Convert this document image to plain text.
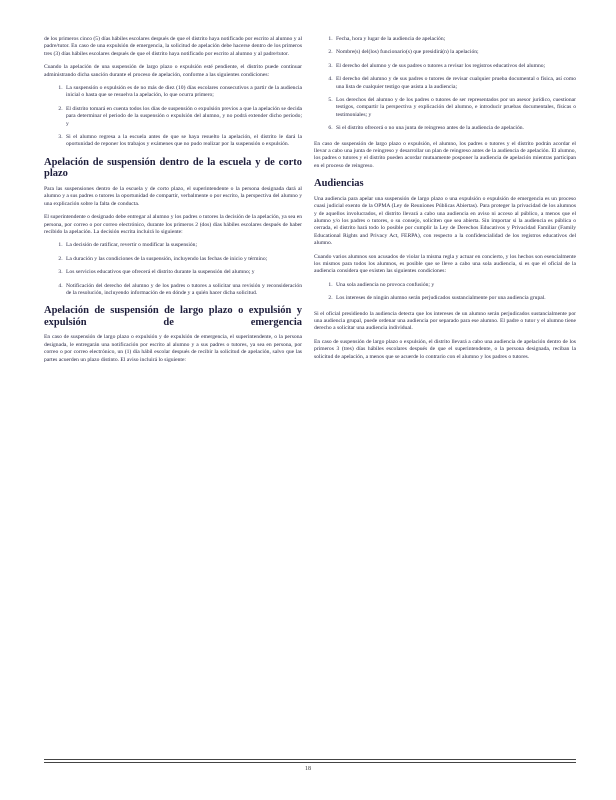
de los primeros cinco (5) días hábiles escolares después de que el distrito haya notificado por escrito al alumno y al padre/tutor. En caso de una expulsión de emergencia, la solicitud de apelación debe hacerse dentro de los primeros tres (3) días hábiles escolares después de que el distrito haya notificado por escrito al alumno y al padre/tutor.

Cuando la apelación de una suspensión de largo plazo o expulsión esté pendiente, el distrito puede continuar administrando dicha sanción durante el proceso de apelación, conforme a las siguientes condiciones:

1. La suspensión o expulsión es de no más de diez (10) días escolares consecutivos a partir de la audiencia inicial o hasta que se resuelva la apelación, lo que ocurra primero;
2. El distrito tomará en cuenta todos los días de suspensión o expulsión previos a que la apelación se decida para determinar el periodo de la suspensión o expulsión del alumno, y no podrá extender dicho periodo; y
3. Si el alumno regresa a la escuela antes de que se haya resuelto la apelación, el distrito le dará la oportunidad de reponer los trabajos y exámenes que no pudo realizar por la suspensión o expulsión.
Apelación de suspensión dentro de la escuela y de corto plazo

Para las suspensiones dentro de la escuela y de corto plazo, el superintendente o la persona designada dará al alumno y a sus padres o tutores la oportunidad de compartir, verbalmente o por escrito, la perspectiva del alumno y una explicación sobre la falta de conducta.

El superintendente o designado debe entregar al alumno y los padres o tutores la decisión de la apelación, ya sea en persona, por correo o por correo electrónico, durante los primeros 2 (dos) días hábiles escolares después de haber recibido la apelación. La decisión escrita incluirá lo siguiente:

1. La decisión de ratificar, revertir o modificar la suspensión;
2. La duración y las condiciones de la suspensión, incluyendo las fechas de inicio y término;
3. Los servicios educativos que ofrecerá el distrito durante la suspensión del alumno; y
4. Notificación del derecho del alumno y de los padres o tutores a solicitar una revisión y reconsideración de la resolución, incluyendo información de en dónde y a quién hacer dicha solicitud.
Apelación de suspensión de largo plazo o expulsión y expulsión de emergencia

En caso de suspensión de largo plazo o expulsión y de expulsión de emergencia, el superintendente, o la persona designada, le entregarán una notificación por escrito al alumno y a sus padres o tutores, ya sea en persona, por correo o por correo electrónico, un (1) día hábil escolar después de recibir la solicitud de apelación, salvo que las partes acuerden un plazo distinto. El aviso incluirá lo siguiente:

1. Fecha, hora y lugar de la audiencia de apelación;
2. Nombre(s) del(los) funcionario(s) que presidirá(n) la apelación;
3. El derecho del alumno y de sus padres o tutores a revisar los registros educativos del alumno;
4. El derecho del alumno y de sus padres o tutores de revisar cualquier prueba documental o física, así como una lista de cualquier testigo que asista a la audiencia;
5. Los derechos del alumno y de los padres o tutores de ser representados por un asesor jurídico, cuestionar testigos, compartir la perspectiva y explicación del alumno, e introducir pruebas documentales, físicas o testimoniales; y
6. Si el distrito ofrecerá o no una junta de reingreso antes de la audiencia de apelación.

En caso de suspensión de largo plazo o expulsión, el alumno, los padres o tutores y el distrito podrán acordar el llevar a cabo una junta de reingreso y desarrollar un plan de reingreso antes de la audiencia de apelación. El alumno, los padres o tutores y el distrito pueden acordar mutuamente posponer la audiencia de apelación mientras participan en el proceso de reingreso.

Audiencias

Una audiencia para apelar una suspensión de largo plazo o una expulsión o expulsión de emergencia es un proceso cuasi judicial exento de la OPMA (Ley de Reuniones Públicas Abiertas). Para proteger la privacidad de los alumnos y de aquellos involucrados, el distrito llevará a cabo una audiencia en aviso ni acceso al público, a menos que el alumno y/o los padres o tutores, o su consejo, soliciten que sea abierta. Sin importar si la audiencia es pública o cerrada, el distrito hará todo lo posible por cumplir la Ley de Derechos Educativos y Privacidad Familiar (Family Educational Rights and Privacy Act, FERPA), con respecto a la confidencialidad de los registros educativos del alumno.

Cuando varios alumnos son acusados de violar la misma regla y actuar en concierto, y los hechos son esencialmente los mismos para todos los alumnos, es posible que se lleve a cabo una sola audiencia, si es que el oficial de la audiencia considera que existen las siguientes condiciones:

1. Una sola audiencia no provoca confusión; y
2. Los intereses de ningún alumno serán perjudicados sustancialmente por una audiencia grupal.

Si el oficial presidiendo la audiencia detecta que los intereses de un alumno serán perjudicados sustancialmente por una audiencia grupal, puede ordenar una audiencia por separado para ese alumno. El padre o tutor y el alumno tiene derecho a solicitar una audiencia individual.

En caso de suspensión de largo plazo o expulsión, el distrito llevará a cabo una audiencia de apelación dentro de los primeros 3 (tres) días hábiles escolares después de que el superintendente, o la persona designada, reciban la solicitud de apelación, a menos que se acuerde lo contrario con el alumno y los padres o tutores.

18
